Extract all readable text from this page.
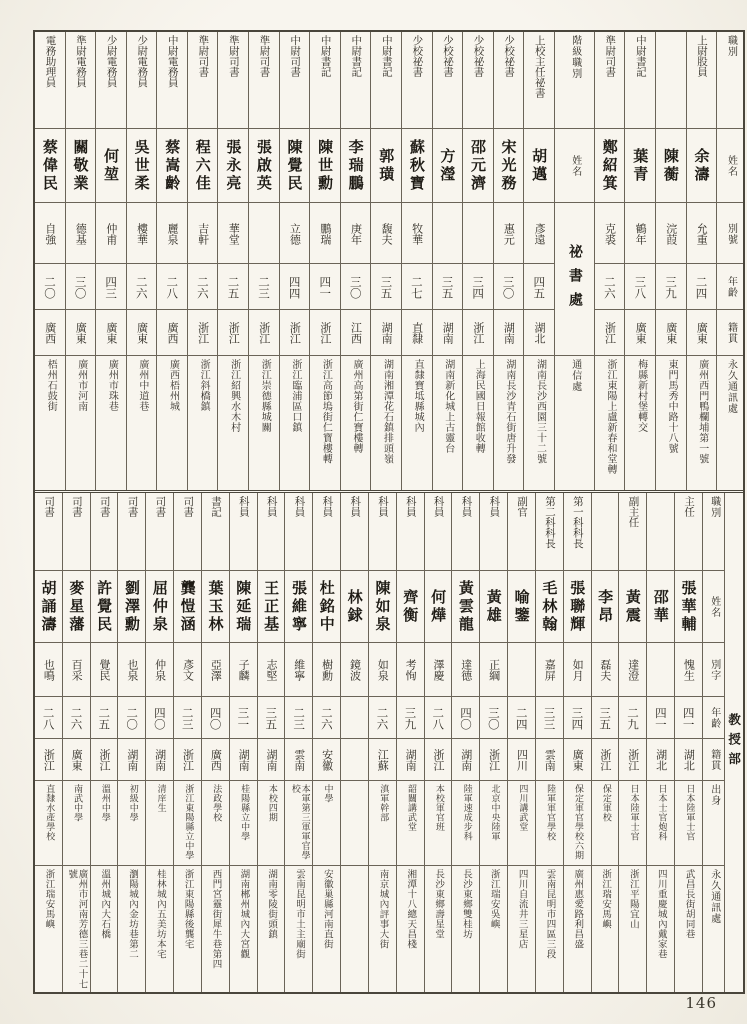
電務助理員
蔡偉民
自強
二〇
廣西
梧州石鼓街
準尉電務員
關敬業
德基
三〇
廣東
廣州市河南
少尉電務員
何堃
仲甫
四三
廣東
廣州市珠巷
少尉電務員
吳世柔
樓華
二六
廣東
廣州中道巷
中尉電務員
蔡嵩齡
麗泉
二八
廣西
廣西梧州城
準尉司書
程六佳
吉軒
二六
浙江
浙江斜橋鎮
準尉司書
張永亮
華堂
二五
浙江
浙江紹興水木村
準尉司書
張啟英
二三
浙江
浙江崇德縣城關
中尉司書
陳覺民
立德
四四
浙江
浙江臨浦區口鎮
中尉書記
陳世勳
鵬瑞
四一
浙江
浙江高節塢街仁寶樓轉
中尉書記
李瑞鵬
庚年
三〇
江西
廣州高第街仁寶樓轉
中尉書記
郭璜
馥夫
三五
湖南
湖南湘潭花石鎮排頭嶺
少校祕書
蘇秋寶
牧華
二七
直隸
直隸寶坻縣城內
少校祕書
方瀅
三五
湖南
湖南新化城上古靈台
少校祕書
邵元濟
三四
浙江
上海民國日報館收轉
少校祕書
宋光務
惠元
三〇
湖南
湖南長沙青石街唐升發
上校主任祕書
胡邁
彥遠
四五
湖北
湖南長沙西園三十二號
階級職別
姓名
祕書處
通信處
準尉司書
鄭紹箕
克裘
二六
浙江
浙江東陽上盧新春和堂轉
中尉書記
葉青
鶴年
三八
廣東
梅縣新村堡轉交
陳蘅
浣葭
三九
廣東
東門馬秀中路十八號
上尉股員
余濤
允重
二四
廣東
廣州西門鴨欄埔第一號
職別
姓名
別號
年齡
籍貫
永久通訊處
司書
胡誦濤
也鳴
二八
浙江
直隸水產學校
浙江瑞安馬嶼
司書
麥星藩
百采
二六
廣東
南武中學
廣州市河南芳德三巷二十七號
司書
許覺民
覺民
二五
浙江
溫州中學
溫州城內大石橋
司書
劉澤勳
也泉
二〇
湖南
初級中學
瀏陽城內金坊巷第二
司書
屈仲泉
仲泉
四〇
湖南
清庠生
桂林城內五美坊本宅
司書
龔愷涵
彥文
二三
浙江
浙江東陽縣立中學
浙江東陽縣後龔宅
書記
葉玉林
亞澤
四〇
廣西
法政學校
西門宮靈街犀牛巷第四
科員
陳延瑞
子麟
三一
湖南
桂陽縣立中學
湖南郴州城內大宮觀
科員
王正基
志堅
三五
湖南
本校四期
湖南零陵街頭鎮
科員
張維寧
維寧
二三
雲南
本軍第三軍軍官學校
雲南昆明市土主廟街
科員
杜銘中
樹勳
二六
安徽
中學
安徽巢縣河南直街
科員
林銶
鏡波
科員
陳如泉
如泉
二六
江蘇
滇軍幹部
南京城內評事大街
科員
齊衡
考恂
三九
湖南
韶關講武堂
湘潭十八總天昌棧
科員
何燁
澤慶
二八
浙江
本校軍官班
長沙東鄉壽星堂
科員
黃雲龍
達德
四〇
湖南
陸軍速成步科
長沙東鄉雙桂坊
科員
黃雄
正綱
三〇
浙江
北京中央陸軍
浙江瑞安吳嶼
副官
喻鑒
二四
四川
四川講武堂
四川自流井三星店
第二科科長
毛林翰
嘉屏
三三
雲南
陸軍軍官學校
雲南昆明市四區三段
第一科科長
張聯輝
如月
三四
廣東
保定軍官學校六期
廣州惠愛路利昌盛
李昂
磊夫
三五
浙江
保定軍校
浙江瑞安馬嶼
副主任
黃震
達澄
二九
浙江
日本陸軍士官
浙江平陽宜山
邵華
四一
湖北
日本士官炮科
四川重慶城內戴家巷
主任
張華輔
愧生
四一
湖北
日本陸軍士官
武昌長街胡同巷
職別
姓名
別字
年齡
籍貫
出身
永久通訊處
教授部
146
